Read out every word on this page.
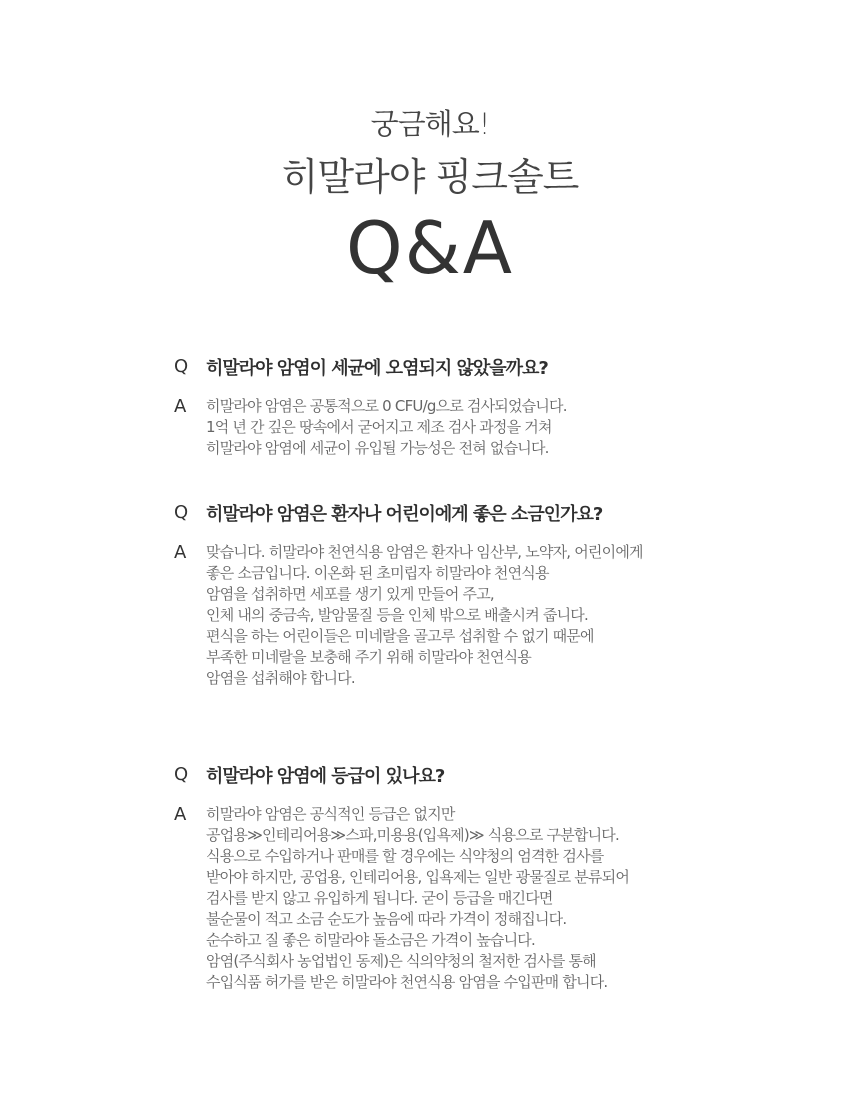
궁금해요!
히말라야 핑크솔트
Q&A
Q 히말라야 암염이 세균에 오염되지 않았을까요?
A 히말라야 암염은 공통적으로 0 CFU/g으로 검사되었습니다.
1억 년 간 깊은 땅속에서 굳어지고 제조 검사 과정을 거쳐
히말라야 암염에 세균이 유입될 가능성은 전혀 없습니다.
Q 히말라야 암염은 환자나 어린이에게 좋은 소금인가요?
A 맞습니다. 히말라야 천연식용 암염은 환자나 임산부, 노약자, 어린이에게
좋은 소금입니다. 이온화 된 초미립자 히말라야 천연식용
암염을 섭취하면 세포를 생기 있게 만들어 주고,
인체 내의 중금속, 발암물질 등을 인체 밖으로 배출시켜 줍니다.
편식을 하는 어린이들은 미네랄을 골고루 섭취할 수 없기 때문에
부족한 미네랄을 보충해 주기 위해 히말라야 천연식용
암염을 섭취해야 합니다.
Q 히말라야 암염에 등급이 있나요?
A 히말라야 암염은 공식적인 등급은 없지만
공업용≫인테리어용≫스파,미용용(입욕제)≫ 식용으로 구분합니다.
식용으로 수입하거나 판매를 할 경우에는 식약청의 엄격한 검사를
받아야 하지만, 공업용, 인테리어용, 입욕제는 일반 광물질로 분류되어
검사를 받지 않고 유입하게 됩니다. 굳이 등급을 매긴다면
불순물이 적고 소금 순도가 높음에 따라 가격이 정해집니다.
순수하고 질 좋은 히말라야 돌소금은 가격이 높습니다.
암염(주식회사 농업법인 동제)은 식의약청의 철저한 검사를 통해
수입식품 허가를 받은 히말라야 천연식용 암염을 수입판매 합니다.
